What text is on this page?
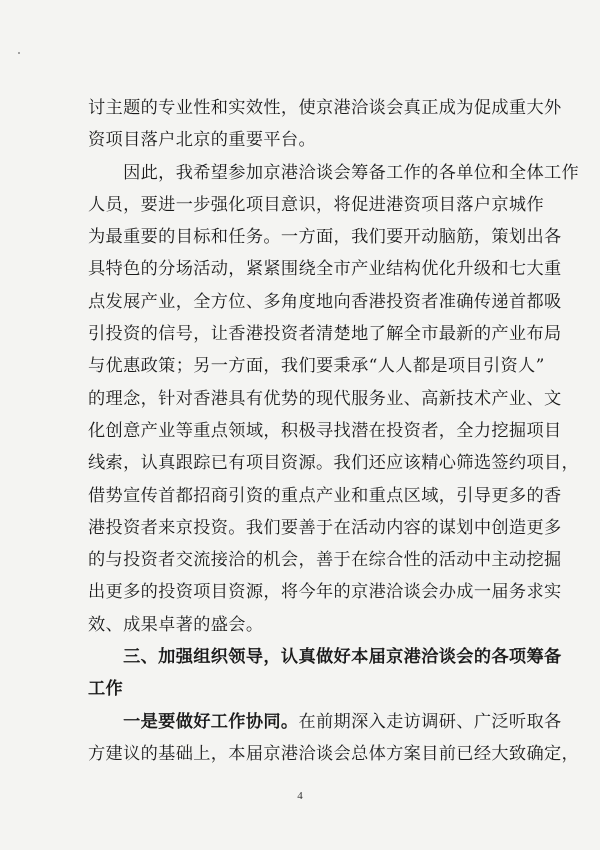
讨主题的专业性和实效性，使京港洽谈会真正成为促成重大外
资项目落户北京的重要平台。
　　因此，我希望参加京港洽谈会筹备工作的各单位和全体工作
人员，要进一步强化项目意识，将促进港资项目落户京城作
为最重要的目标和任务。一方面，我们要开动脑筋，策划出各
具特色的分场活动，紧紧围绕全市产业结构优化升级和七大重
点发展产业，全方位、多角度地向香港投资者准确传递首都吸
引投资的信号，让香港投资者清楚地了解全市最新的产业布局
与优惠政策；另一方面，我们要秉承“人人都是项目引资人”
的理念，针对香港具有优势的现代服务业、高新技术产业、文
化创意产业等重点领域，积极寻找潜在投资者，全力挖掘项目
线索，认真跟踪已有项目资源。我们还应该精心筛选签约项目，
借势宣传首都招商引资的重点产业和重点区域，引导更多的香
港投资者来京投资。我们要善于在活动内容的谋划中创造更多
的与投资者交流接洽的机会，善于在综合性的活动中主动挖掘
出更多的投资项目资源，将今年的京港洽谈会办成一届务求实
效、成果卓著的盛会。
　　三、加强组织领导，认真做好本届京港洽谈会的各项筹备
工作
　　一是要做好工作协同。在前期深入走访调研、广泛听取各
方建议的基础上，本届京港洽谈会总体方案目前已经大致确定，
4
